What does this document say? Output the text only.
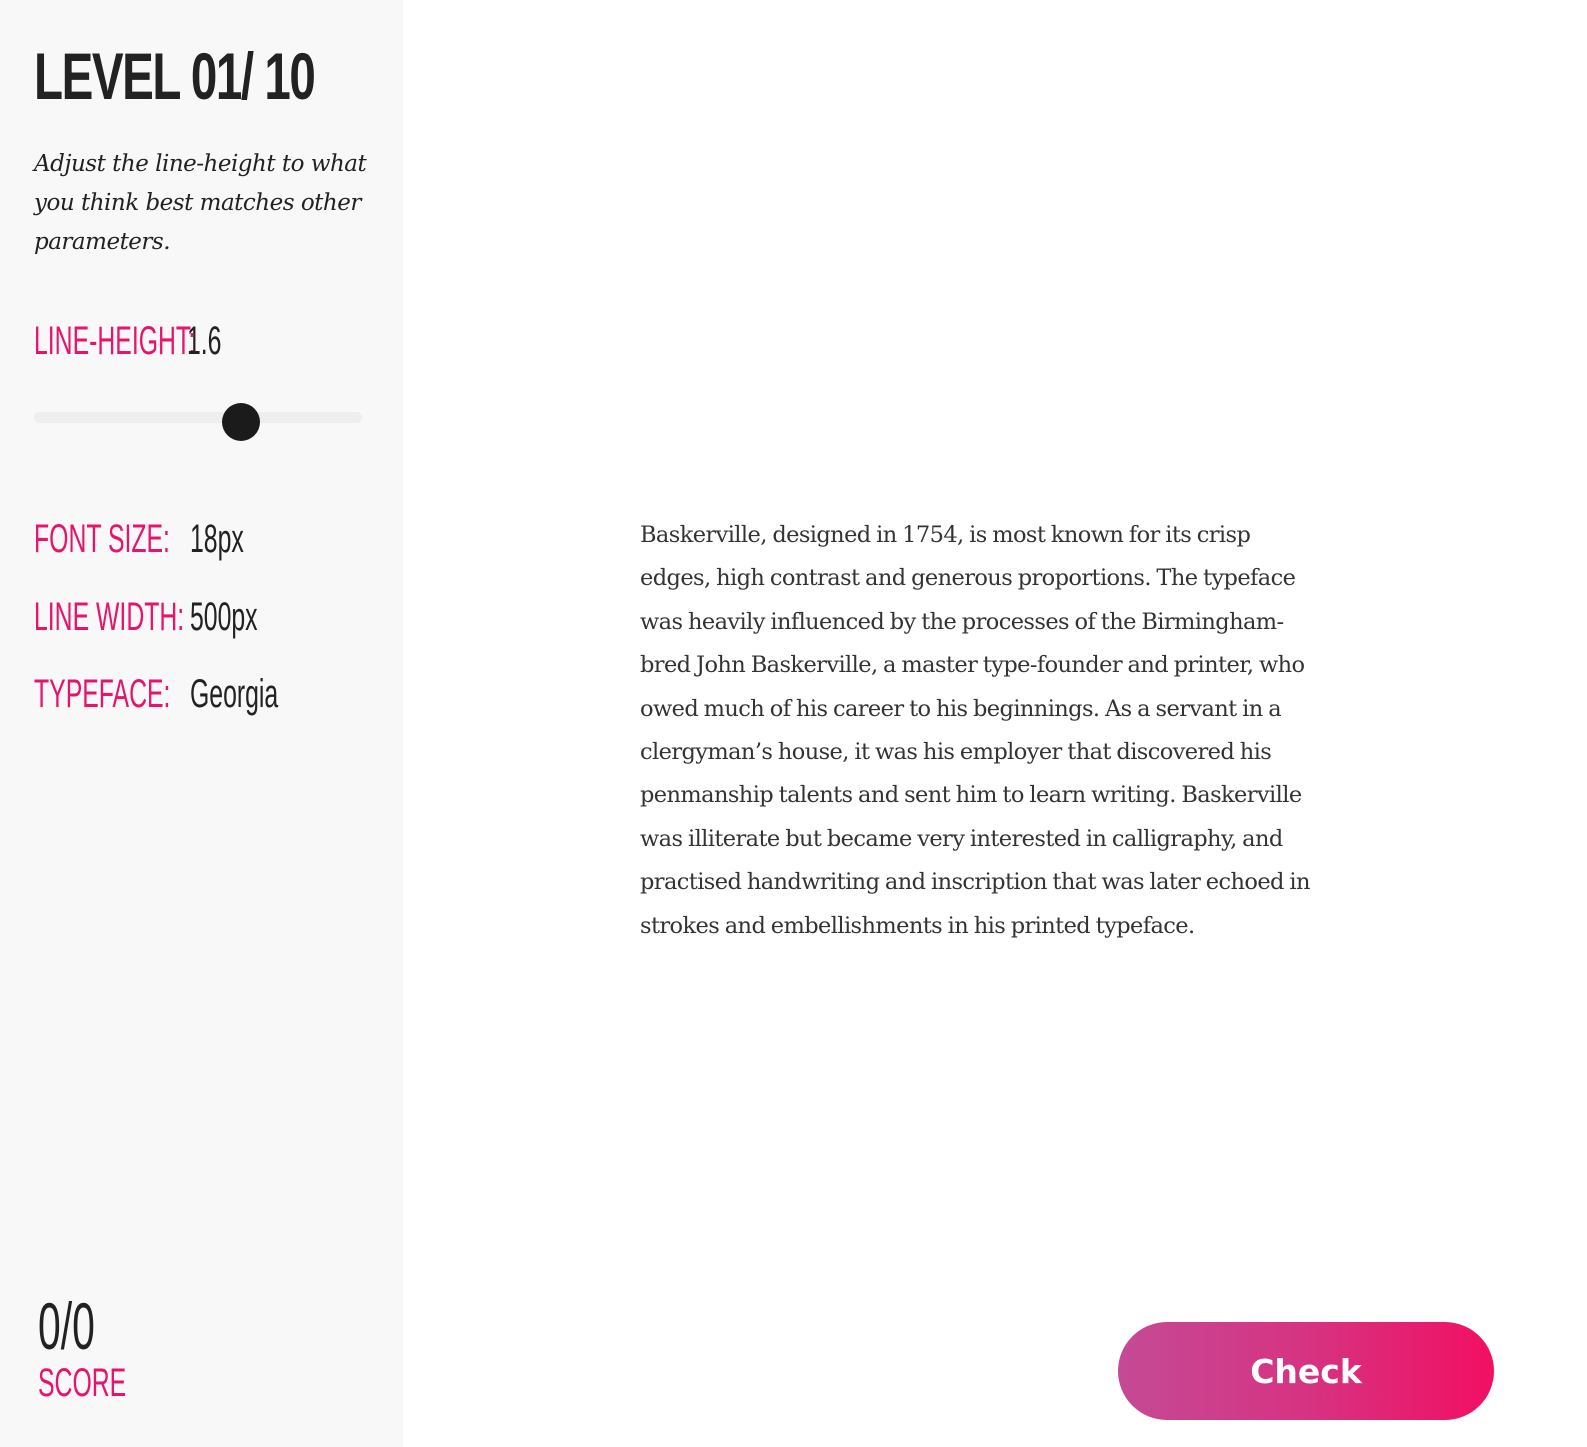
LEVEL 01/ 10

Adjust the line-height to what you think best matches other parameters.

LINE-HEIGHT:
1.6
FONT SIZE: 18px
LINE WIDTH: 500px
TYPEFACE: Georgia
0/0
SCORE
Baskerville, designed in 1754, is most known for its crisp
edges, high contrast and generous proportions. The typeface
was heavily influenced by the processes of the Birmingham-
bred John Baskerville, a master type-founder and printer, who
owed much of his career to his beginnings. As a servant in a
clergyman’s house, it was his employer that discovered his
penmanship talents and sent him to learn writing. Baskerville
was illiterate but became very interested in calligraphy, and
practised handwriting and inscription that was later echoed in
strokes and embellishments in his printed typeface.
Check
